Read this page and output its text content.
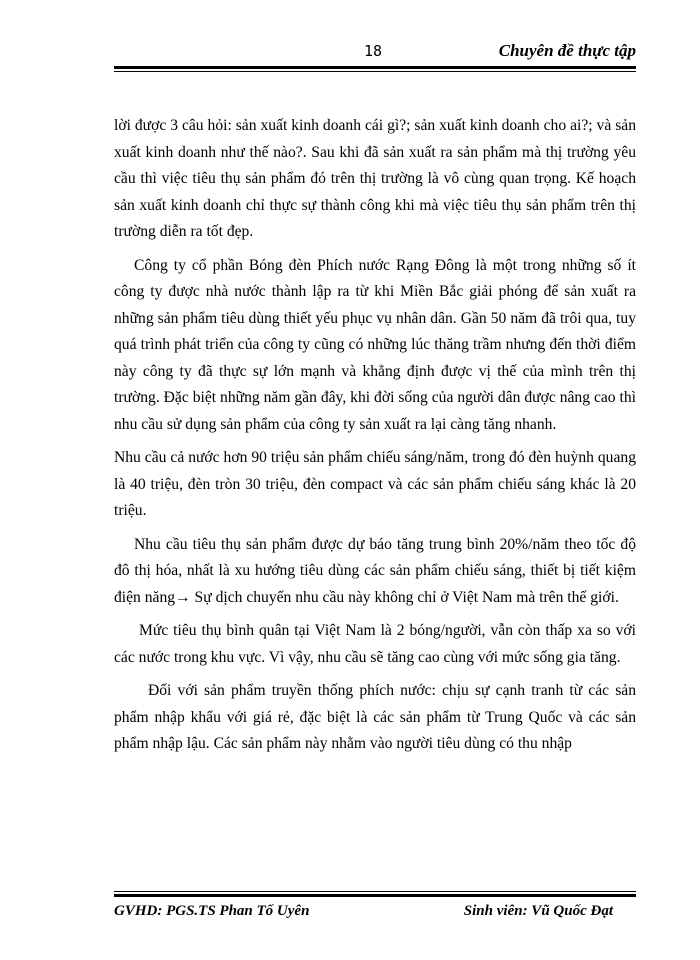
18	Chuyên đề thực tập

lời được 3 câu hỏi: sản xuất kinh doanh cái gì?; sản xuất kinh doanh cho ai?; và sản xuất kinh doanh như thế nào?. Sau khi đã sản xuất ra sản phẩm mà thị trường yêu cầu thì việc tiêu thụ sản phẩm đó trên thị trường là vô cùng quan trọng. Kế hoạch sản xuất kinh doanh chỉ thực sự thành công khi mà việc tiêu thụ sản phẩm trên thị trường diễn ra tốt đẹp.

Công ty cổ phần Bóng đèn Phích nước Rạng Đông là một trong những số ít công ty được nhà nước thành lập ra từ khi Miền Bắc giải phóng để sản xuất ra những sản phẩm tiêu dùng thiết yếu phục vụ nhân dân. Gần 50 năm đã trôi qua, tuy quá trình phát triển của công ty cũng có những lúc thăng trầm nhưng đến thời điểm này công ty đã thực sự lớn mạnh và khẳng định được vị thế của mình trên thị trường. Đặc biệt những năm gần đây, khi đời sống của người dân được nâng cao thì nhu cầu sử dụng sản phẩm của công ty sản xuất ra lại càng tăng nhanh.

Nhu cầu cả nước hơn 90 triệu sản phẩm chiếu sáng/năm, trong đó đèn huỳnh quang là 40 triệu, đèn tròn 30 triệu, đèn compact và các sản phẩm chiếu sáng khác là 20 triệu.

Nhu cầu tiêu thụ sản phẩm được dự báo tăng trung bình 20%/năm theo tốc độ đô thị hóa, nhất là xu hướng tiêu dùng các sản phẩm chiếu sáng, thiết bị tiết kiệm điện năng→ Sự dịch chuyển nhu cầu này không chỉ ở Việt Nam mà trên thế giới.

Mức tiêu thụ bình quân tại Việt Nam là 2 bóng/người, vẫn còn thấp xa so với các nước trong khu vực. Vì vậy, nhu cầu sẽ tăng cao cùng với mức sống gia tăng.

Đối với sản phẩm truyền thống phích nước: chịu sự cạnh tranh từ các sản phẩm nhập khẩu với giá rẻ, đặc biệt là các sản phẩm từ Trung Quốc và các sản phẩm nhập lậu. Các sản phẩm này nhằm vào người tiêu dùng có thu nhập

GVHD: PGS.TS Phan Tố Uyên	Sinh viên: Vũ Quốc Đạt
